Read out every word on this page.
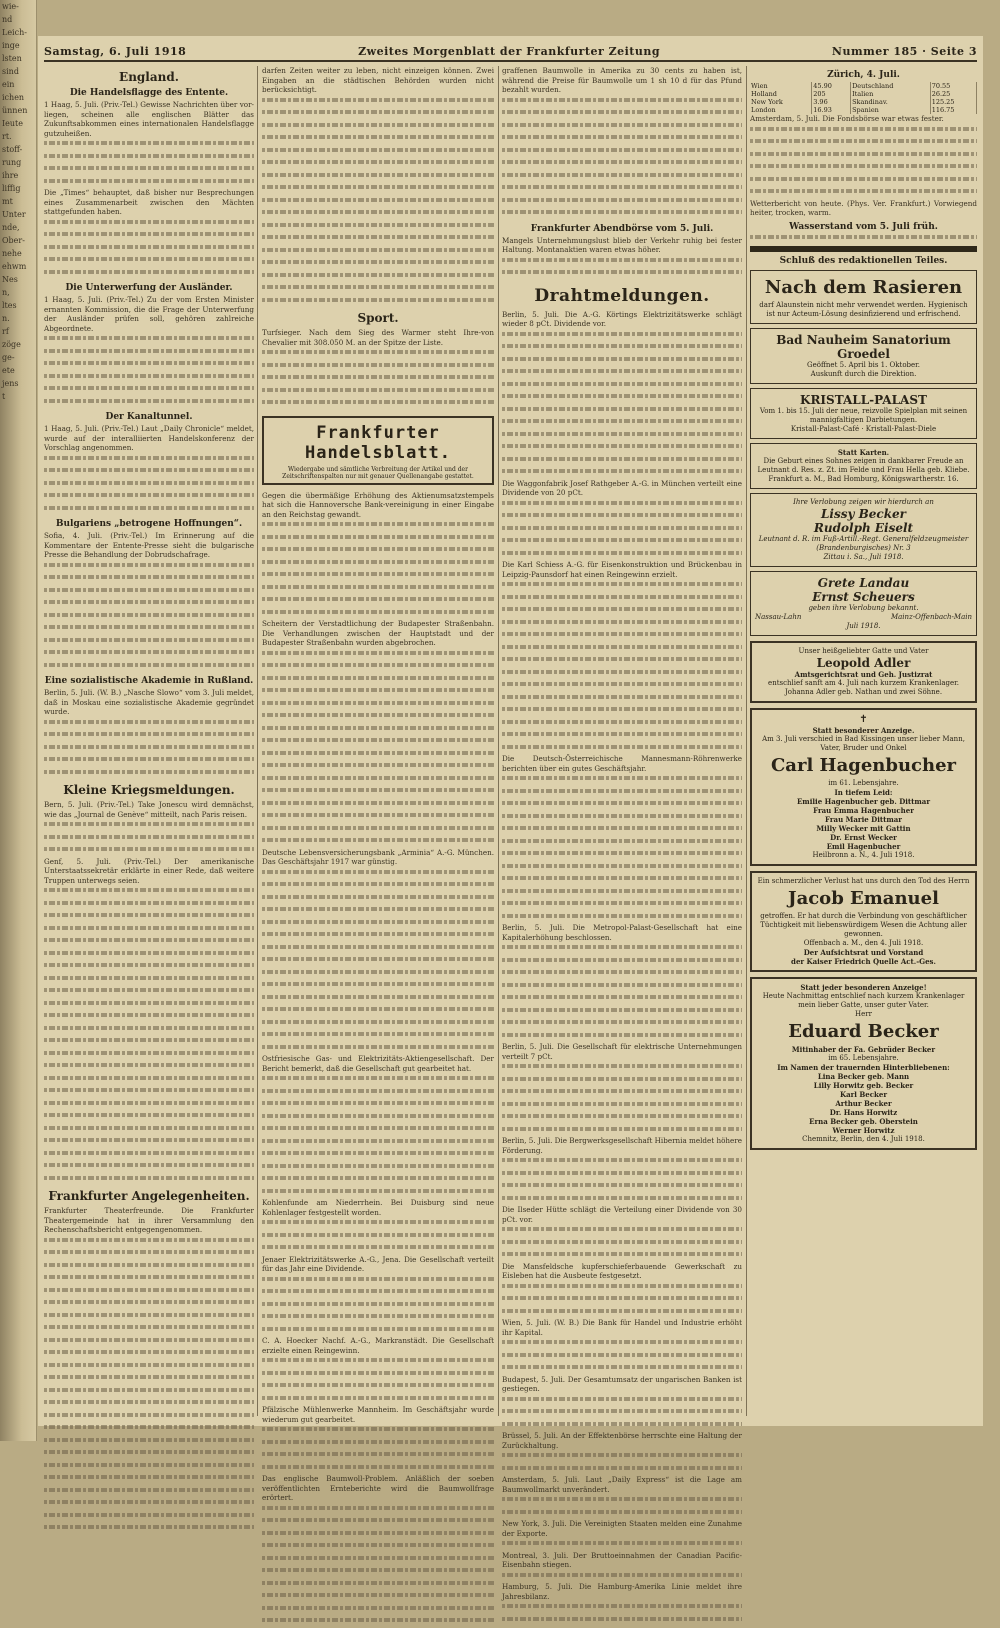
wie-
nd
Leich-
inge
lsten
sind
ein
ichen
ünnen
Ieute
rt.
stoff-
rung
ihre
liffig
mt
Unter
nde,
Ober-
nehe
ehwm
Nes
n,
ltes
n.
rf
zöge
ge-
ete
jens
t
Samstag, 6. Juli 1918	Zweites Morgenblatt der Frankfurter Zeitung	Nummer 185 · Seite 3
England.
Die Handelsflagge des Entente.

1 Haag, 5. Juli. (Priv.-Tel.) Gewisse Nachrichten über vor-liegen, scheinen alle englischen Blätter das Zukunftsabkommen eines internationalen Handelsflagge gutzuheißen.

Die „Times“ behauptet, daß bisher nur Besprechungen eines Zusammenarbeit zwischen den Mächten stattgefunden haben.

Die Unterwerfung der Ausländer.

1 Haag, 5. Juli. (Priv.-Tel.) Zu der vom Ersten Minister ernannten Kommission, die die Frage der Unterwerfung der Ausländer prüfen soll, gehören zahlreiche Abgeordnete.

Der Kanaltunnel.

1 Haag, 5. Juli. (Priv.-Tel.) Laut „Daily Chronicle“ meldet, wurde auf der interalliierten Handelskonferenz der Vorschlag angenommen.

Bulgariens „betrogene Hoffnungen“.

Sofia, 4. Juli. (Priv.-Tel.) Im Erinnerung auf die Kommentare der Entente-Presse sieht die bulgarische Presse die Behandlung der Dobrudschafrage.

Eine sozialistische Akademie in Rußland.

Berlin, 5. Juli. (W. B.) „Nasche Slowo“ vom 3. Juli meldet, daß in Moskau eine sozialistische Akademie gegründet wurde.

Kleine Kriegsmeldungen.

Bern, 5. Juli. (Priv.-Tel.) Take Jonescu wird demnächst, wie das „Journal de Genève“ mitteilt, nach Paris reisen.

Genf, 5. Juli. (Priv.-Tel.) Der amerikanische Unterstaatssekretär erklärte in einer Rede, daß weitere Truppen unterwegs seien.

Frankfurter Angelegenheiten.

Frankfurter Theaterfreunde. Die Frankfurter Theatergemeinde hat in ihrer Versammlung den Rechenschaftsbericht entgegengenommen.

darfen Zeiten weiter zu leben, nicht einzeigen können. Zwei Eingaben an die städtischen Behörden wurden nicht berücksichtigt.

Sport.

Turfsieger. Nach dem Sieg des Warmer steht Ihre-von Chevalier mit 308.050 M. an der Spitze der Liste.

Frankfurter Handelsblatt.
Wiedergabe und sämtliche Verbreitung der Artikel und der Zeitschriftenspalten nur mit genauer Quellenangabe gestattet.

Gegen die übermäßige Erhöhung des Aktienumsatzstempels hat sich die Hannoversche Bank-vereinigung in einer Eingabe an den Reichstag gewandt.

Scheitern der Verstadtlichung der Budapester Straßenbahn. Die Verhandlungen zwischen der Hauptstadt und der Budapester Straßenbahn wurden abgebrochen.

Deutsche Lebensversicherungsbank „Arminia“ A.-G. München. Das Geschäftsjahr 1917 war günstig.

Ostfriesische Gas- und Elektrizitäts-Aktiengesellschaft. Der Bericht bemerkt, daß die Gesellschaft gut gearbeitet hat.

Kohlenfunde am Niederrhein. Bei Duisburg sind neue Kohlenlager festgestellt worden.

Jenaer Elektrizitätswerke A.-G., Jena. Die Gesellschaft verteilt für das Jahr eine Dividende.

C. A. Hoecker Nachf. A.-G., Markranstädt. Die Gesellschaft erzielte einen Reingewinn.

Pfälzische Mühlenwerke Mannheim. Im Geschäftsjahr wurde wiederum gut gearbeitet.

Das englische Baumwoll-Problem. Anläßlich der soeben veröffentlichten Ernteberichte wird die Baumwollfrage erörtert.

graffenen Baumwolle in Amerika zu 30 cents zu haben ist, während die Preise für Baumwolle um 1 sh 10 d für das Pfund bezahlt wurden.

Frankfurter Abendbörse vom 5. Juli.

Mangels Unternehmungslust blieb der Verkehr ruhig bei fester Haltung. Montanaktien waren etwas höher.

Drahtmeldungen.

Berlin, 5. Juli. Die A.-G. Körtings Elektrizitätswerke schlägt wieder 8 pCt. Dividende vor.

Die Waggonfabrik Josef Rathgeber A.-G. in München verteilt eine Dividende von 20 pCt.

Die Karl Schiess A.-G. für Eisenkonstruktion und Brückenbau in Leipzig-Paunsdorf hat einen Reingewinn erzielt.

Die Deutsch-Österreichische Mannesmann-Röhrenwerke berichten über ein gutes Geschäftsjahr.

Berlin, 5. Juli. Die Metropol-Palast-Gesellschaft hat eine Kapitalerhöhung beschlossen.

Berlin, 5. Juli. Die Gesellschaft für elektrische Unternehmungen verteilt 7 pCt.

Berlin, 5. Juli. Die Bergwerksgesellschaft Hibernia meldet höhere Förderung.

Die Ilseder Hütte schlägt die Verteilung einer Dividende von 30 pCt. vor.

Die Mansfeldsche kupferschieferbauende Gewerkschaft zu Eisleben hat die Ausbeute festgesetzt.

Wien, 5. Juli. (W. B.) Die Bank für Handel und Industrie erhöht ihr Kapital.

Budapest, 5. Juli. Der Gesamtumsatz der ungarischen Banken ist gestiegen.

Brüssel, 5. Juli. An der Effektenbörse herrschte eine Haltung der Zurückhaltung.

Amsterdam, 5. Juli. Laut „Daily Express“ ist die Lage am Baumwollmarkt unverändert.

New York, 3. Juli. Die Vereinigten Staaten melden eine Zunahme der Exporte.

Montreal, 3. Juli. Der Bruttoeinnahmen der Canadian Pacific-Eisenbahn stiegen.

Hamburg, 5. Juli. Die Hamburg-Amerika Linie meldet ihre Jahresbilanz.

Zürich, 4. Juli.
Wien	45.90	Deutschland	70.55
Holland	205	Italien	26.25
New York	3.96	Skandinav.	125.25
London	16.93	Spanien	116.75

Amsterdam, 5. Juli. Die Fondsbörse war etwas fester.

Wetterbericht von heute. (Phys. Ver. Frankfurt.) Vorwiegend heiter, trocken, warm.

Wasserstand vom 5. Juli früh.
Schluß des redaktionellen Teiles.
Nach dem Rasieren
darf Alaunstein nicht mehr verwendet werden. Hygienisch ist nur Acteum-Lösung desinfizierend und erfrischend.
Bad Nauheim Sanatorium Groedel
Geöffnet 5. April bis 1. Oktober.
Auskunft durch die Direktion.
KRISTALL-PALAST
Vom 1. bis 15. Juli der neue, reizvolle Spielplan mit seinen mannigfaltigen Darbietungen.
Kristall-Palast-Café · Kristall-Palast-Diele
Statt Karten.
Die Geburt eines Sohnes zeigen in dankbarer Freude an
Leutnant d. Res. z. Zt. im Felde und Frau Hella geb. Kliebe.
Frankfurt a. M., Bad Homburg, Königswartherstr. 16.
Ihre Verlobung zeigen wir hierdurch an
Lissy Becker
Rudolph Eiselt
Leutnant d. R. im Fuß-Artill.-Regt. Generalfeldzeugmeister (Brandenburgisches) Nr. 3
Zittau i. Sa., Juli 1918.
Grete Landau
Ernst Scheuers
geben ihre Verlobung bekannt.
Nassau-Lahn	Mainz-Offenbach-Main
Juli 1918.
Unser heißgeliebter Gatte und Vater
Leopold Adler
Amtsgerichtsrat und Geh. Justizrat
entschlief sanft am 4. Juli nach kurzem Krankenlager.
Johanna Adler geb. Nathan und zwei Söhne.
✝
Statt besonderer Anzeige.
Am 3. Juli verschied in Bad Kissingen unser lieber Mann, Vater, Bruder und Onkel
Carl Hagenbucher
im 61. Lebensjahre.
In tiefem Leid:
Emilie Hagenbucher geb. Dittmar
Frau Emma Hagenbucher
Frau Marie Dittmar
Milly Wecker mit Gattin
Dr. Ernst Wecker
Emil Hagenbucher
Heilbronn a. N., 4. Juli 1918.
Ein schmerzlicher Verlust hat uns durch den Tod des Herrn
Jacob Emanuel
getroffen. Er hat durch die Verbindung von geschäftlicher Tüchtigkeit mit liebenswürdigem Wesen die Achtung aller gewonnen.
Offenbach a. M., den 4. Juli 1918.
Der Aufsichtsrat und Vorstand
der Kaiser Friedrich Quelle Act.-Ges.
Statt jeder besonderen Anzeige!
Heute Nachmittag entschlief nach kurzem Krankenlager mein lieber Gatte, unser guter Vater.
Herr
Eduard Becker
Mitinhaber der Fa. Gebrüder Becker
im 65. Lebensjahre.
Im Namen der trauernden Hinterbliebenen:
Lina Becker geb. Mann
Lilly Horwitz geb. Becker
Karl Becker
Arthur Becker
Dr. Hans Horwitz
Erna Becker geb. Oberstein
Werner Horwitz
Chemnitz, Berlin, den 4. Juli 1918.
